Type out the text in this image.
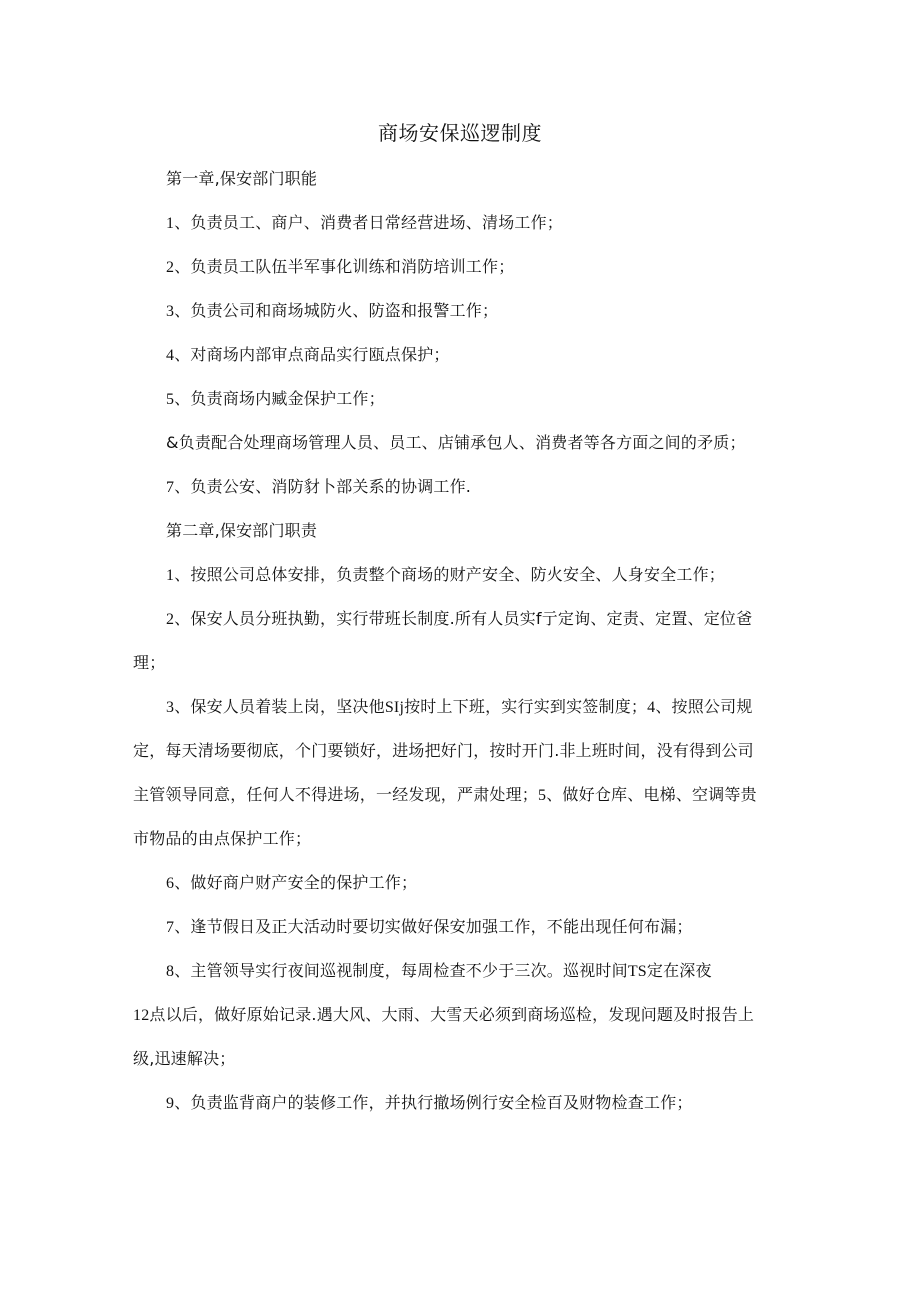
商场安保巡逻制度
第一章,保安部门职能
1、负责员工、商户、消费者日常经营进场、清场工作；
2、负责员工队伍半军事化训练和消防培训工作；
3、负责公司和商场城防火、防盗和报警工作；
4、对商场内部审点商品实行瓯点保护；
5、负责商场内臧金保护工作；
&负责配合处理商场管理人员、员工、店铺承包人、消费者等各方面之间的矛质；
7、负责公安、消防豺卜部关系的协调工作.
第二章,保安部门职责
1、按照公司总体安排，负责整个商场的财产安全、防火安全、人身安全工作；
2、保安人员分班执勤，实行带班长制度.所有人员实f亍定询、定责、定置、定位爸
理；
3、保安人员着装上岗，坚决他SIj按时上下班，实行实到实签制度；4、按照公司规
定，每天清场要彻底，个门要锁好，进场把好门，按时开门.非上班时间，没有得到公司
主管领导同意，任何人不得进场，一经发现，严肃处理；5、做好仓库、电梯、空调等贵
市物品的由点保护工作；
6、做好商户财产安全的保护工作；
7、逢节假日及正大活动时要切实做好保安加强工作，不能出现任何布漏；
8、主管领导实行夜间巡视制度，每周检查不少于三次。巡视时间TS定在深夜
12点以后，做好原始记录.遇大风、大雨、大雪天必须到商场巡检，发现问题及时报告上
级,迅速解决；
9、负责监背商户的装修工作，并执行撤场例行安全检百及财物检查工作；
